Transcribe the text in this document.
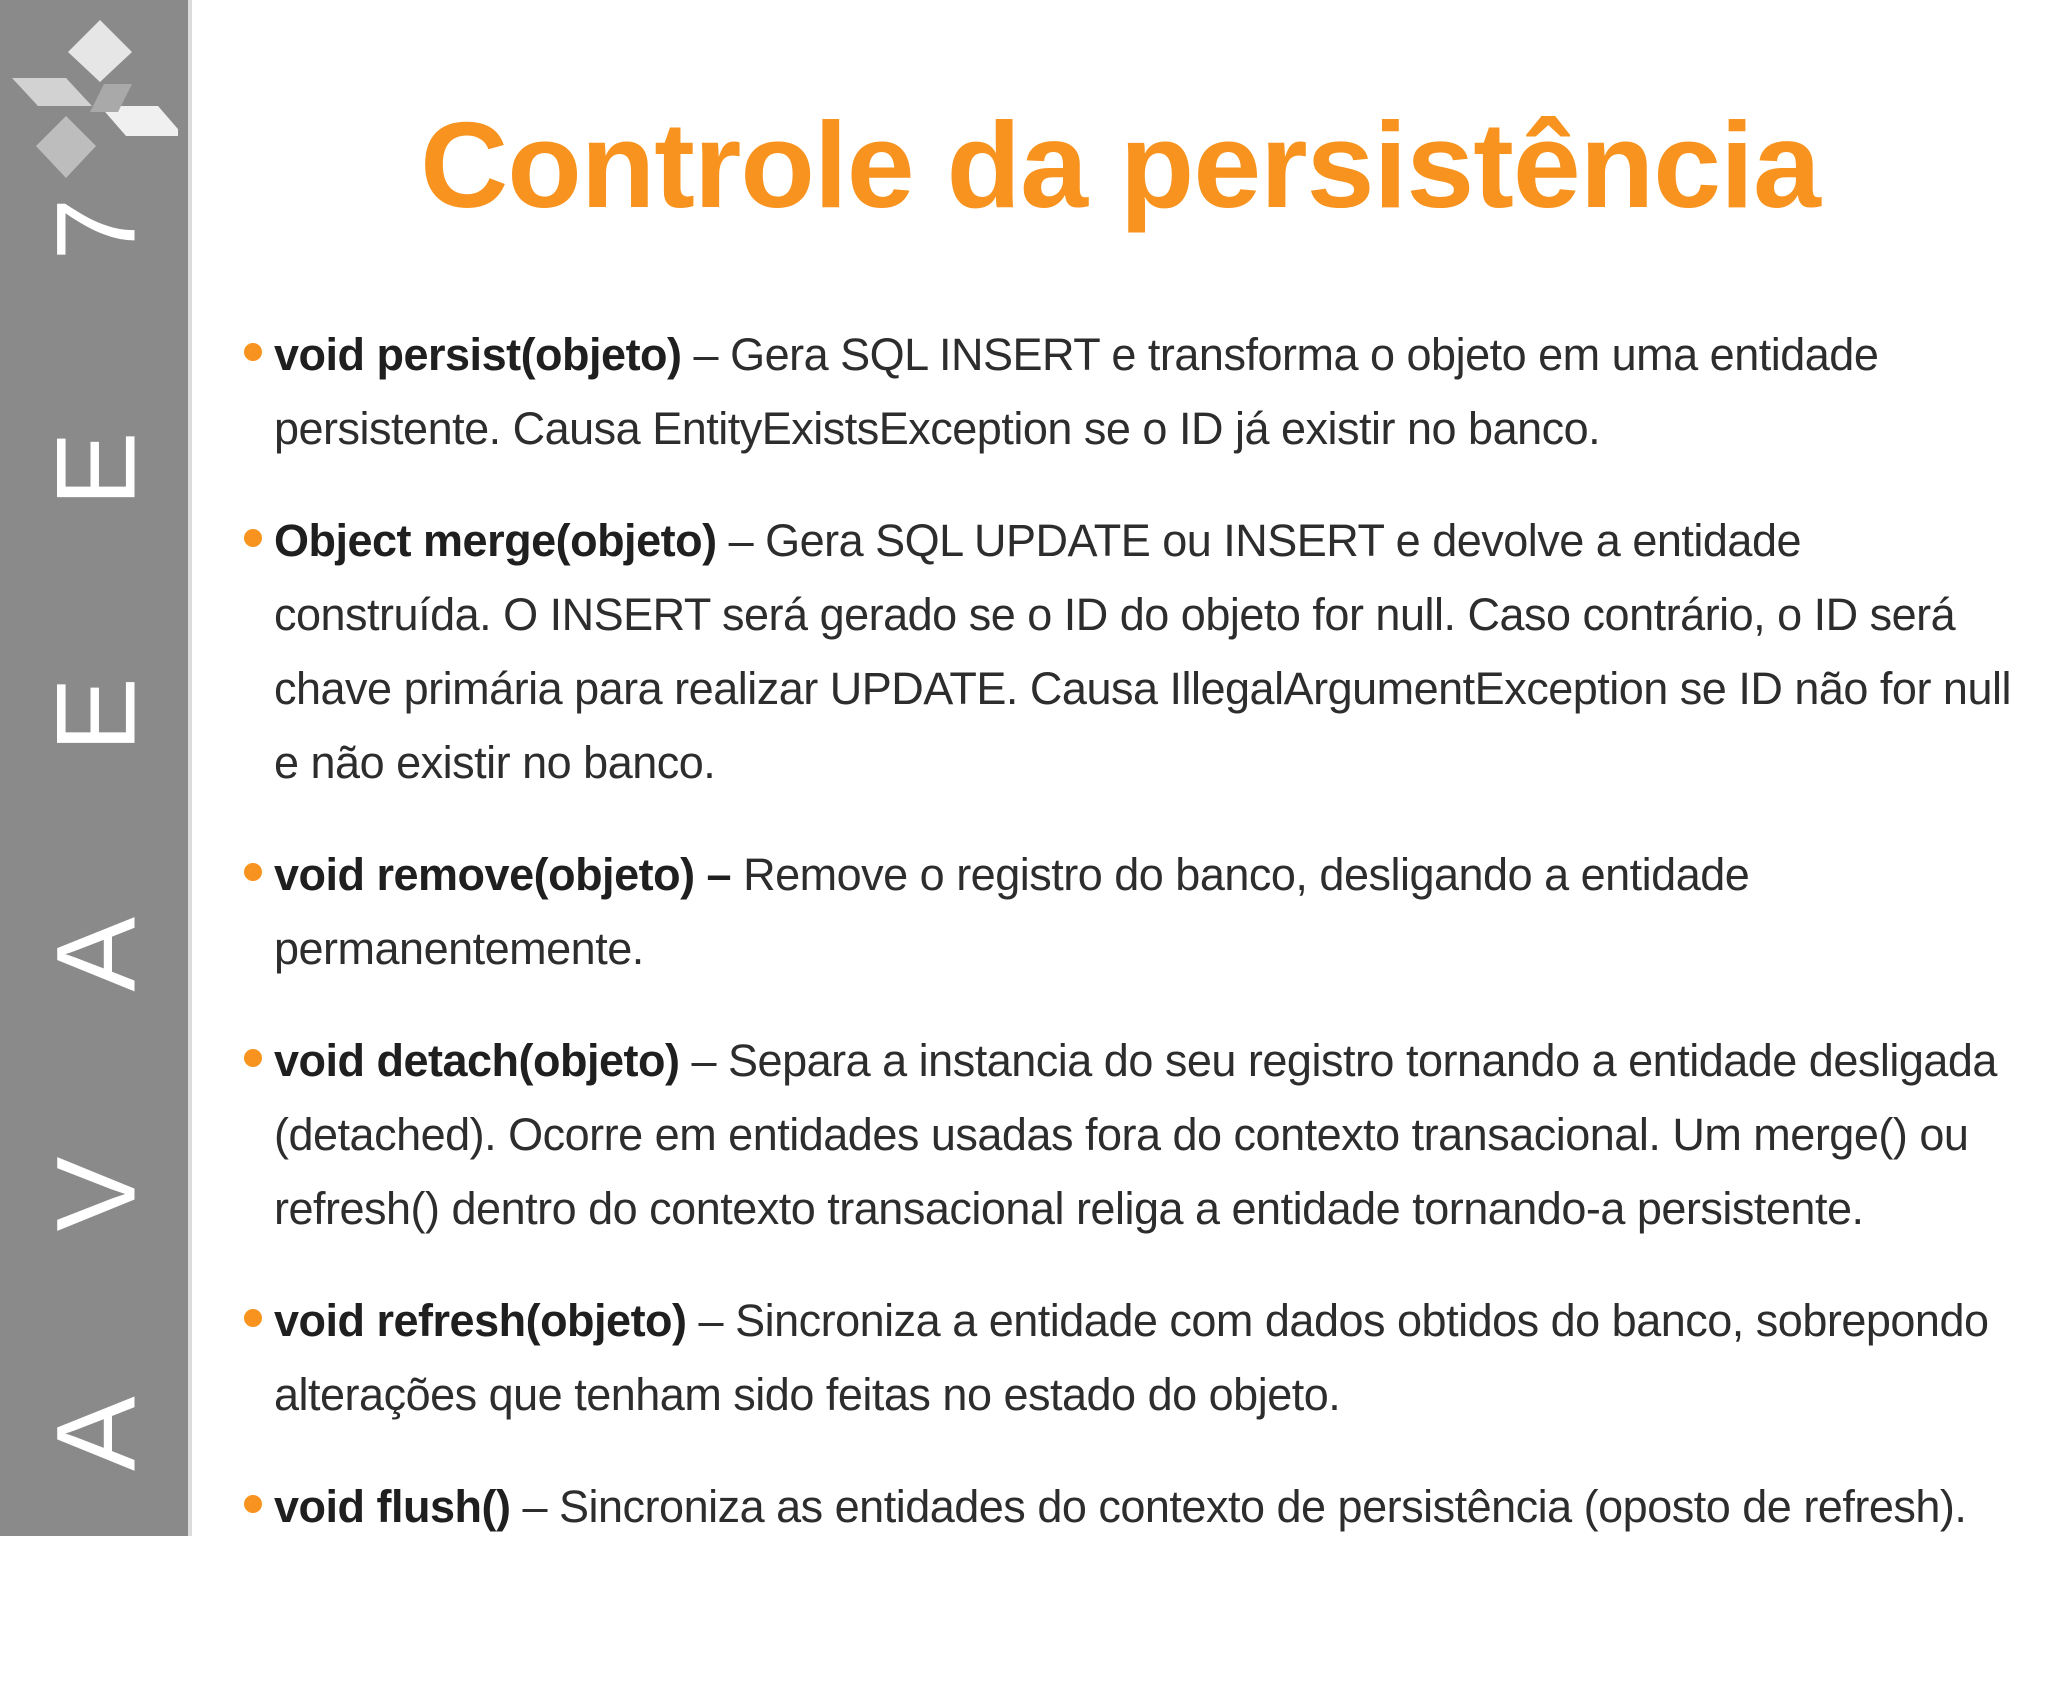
J A V A E E 7	Controle da persistência
void persist(objeto) – Gera SQL INSERT e transforma o objeto em uma entidade persistente. Causa EntityExistsException se o ID já existir no banco.
Object merge(objeto) – Gera SQL UPDATE ou INSERT e devolve a entidade construída. O INSERT será gerado se o ID do objeto for null. Caso contrário, o ID será chave primária para realizar UPDATE. Causa IllegalArgumentException se ID não for null e não existir no banco.
void remove(objeto) – Remove o registro do banco, desligando a entidade permanentemente.
void detach(objeto) – Separa a instancia do seu registro tornando a entidade desligada (detached). Ocorre em entidades usadas fora do contexto transacional. Um merge() ou refresh() dentro do contexto transacional religa a entidade tornando-a persistente.
void refresh(objeto) – Sincroniza a entidade com dados obtidos do banco, sobrepondo alterações que tenham sido feitas no estado do objeto.
void flush() – Sincroniza as entidades do contexto de persistência (oposto de refresh).
